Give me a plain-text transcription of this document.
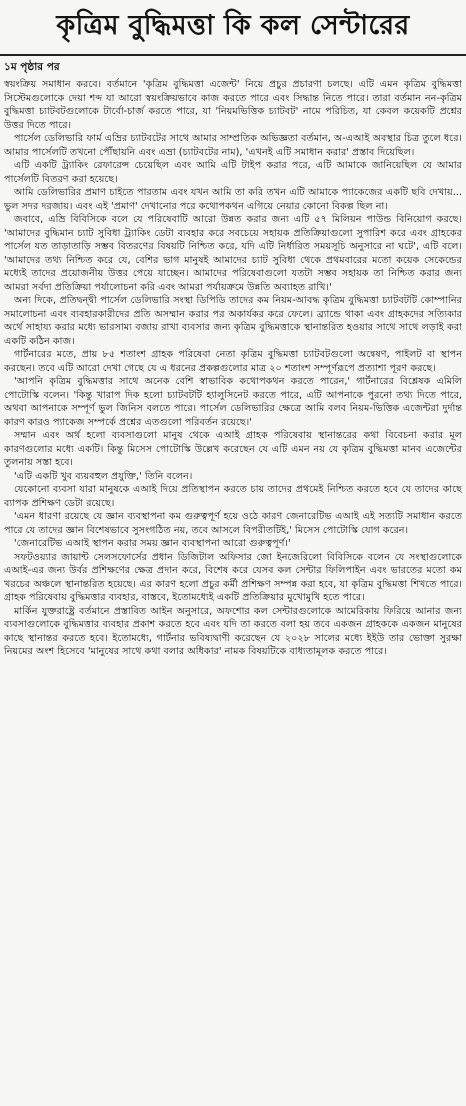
কৃত্রিম বুদ্ধিমত্তা কি কল সেন্টারের
১ম পৃষ্ঠার পর

স্বয়ংক্রিয় সমাধান করবে। বর্তমানে 'কৃত্রিম বুদ্ধিমত্তা এজেন্ট' নিয়ে প্রচুর প্রচারণা চলছে। এটি এমন কৃত্রিম বুদ্ধিমত্তা সিস্টেমগুলোকে দেয়া শব্দ যা আরো স্বয়ংক্রিয়ভাবে কাজ করতে পারে এবং সিদ্ধান্ত নিতে পারে। তারা বর্তমান নন-কৃত্রিম বুদ্ধিমত্তা চ্যাটবটগুলোকে টার্বো-চার্জ করতে পারে, যা 'নিয়মভিত্তিক চ্যাটবট' নামে পরিচিত, যা কেবল কয়েকটি প্রশ্নের উত্তর দিতে পারে।

পার্সেল ডেলিভারি ফার্ম এভ্রির চ্যাটবটের সাথে আমার সাম্প্রতিক অভিজ্ঞতা বর্তমান, অ-এআই অবস্থার চিত্র তুলে ধরে। আমার পার্সেলটি তখনো পৌঁছায়নি এবং এভ্রা (চ্যাটবটের নাম), 'এখনই এটি সমাধান করার' প্রস্তাব দিয়েছিল।

এটি একটি ট্র্যাকিং রেফারেন্স চেয়েছিল এবং আমি এটি টাইপ করার পরে, এটি আমাকে জানিয়েছিল যে আমার পার্সেলটি বিতরণ করা হয়েছে।

আমি ডেলিভারির প্রমাণ চাইতে পারতাম এবং যখন আমি তা করি তখন এটি আমাকে প্যাকেজের একটি ছবি দেখায়... ভুল সদর দরজায়। এবং এই 'প্রমাণ' দেখানোর পরে কথোপকথন এগিয়ে নেয়ার কোনো বিকল্প ছিল না।

জবাবে, এভ্রি বিবিসিকে বলে যে পরিষেবাটি আরো উন্নত করার জন্য এটি ৫৭ মিলিয়ন পাউন্ড বিনিয়োগ করছে। 'আমাদের বুদ্ধিমান চ্যাট সুবিধা ট্র্যাকিং ডেটা ব্যবহার করে সবচেয়ে সহায়ক প্রতিক্রিয়াগুলো সুপারিশ করে এবং গ্রাহকের পার্সেল যত তাড়াতাড়ি সম্ভব বিতরণের বিষয়টি নিশ্চিত করে, যদি এটি নির্ধারিত সময়সূচি অনুসারে না ঘটে', এটি বলে। 'আমাদের তথ্য নিশ্চিত করে যে, বেশির ভাগ মানুষই আমাদের চ্যাট সুবিধা থেকে প্রথমবারের মতো কয়েক সেকেন্ডের মধ্যেই তাদের প্রয়োজনীয় উত্তর পেয়ে যাচ্ছেন। আমাদের পরিষেবাগুলো যতটা সম্ভব সহায়ক তা নিশ্চিত করার জন্য আমরা সর্বদা প্রতিক্রিয়া পর্যালোচনা করি এবং আমরা পর্যায়ক্রমে উন্নতি অব্যাহত রাখি।'

অন্য দিকে, প্রতিদ্বন্দ্বী পার্সেল ডেলিভারি সংস্থা ডিপিডি তাদের কম নিয়ম-আবদ্ধ কৃত্রিম বুদ্ধিমত্তা চ্যাটবটটি কোম্পানির সমালোচনা এবং ব্যবহারকারীদের প্রতি অসম্মান করার পর অকার্যকর করে ফেলে। ব্র্যান্ডে থাকা এবং গ্রাহকদের সত্যিকার অর্থে সাহায্য করার মধ্যে ভারসাম্য বজায় রাখা ব্যবসার জন্য কৃত্রিম বুদ্ধিমত্তাকে স্থানান্তরিত হওয়ার সাথে সাথে লড়াই করা একটি কঠিন কাজ।

গার্টনারের মতে, প্রায় ৮৫ শতাংশ গ্রাহক পরিষেবা নেতা কৃত্রিম বুদ্ধিমত্তা চ্যাটবটগুলো অন্বেষণ, পাইলট বা স্থাপন করছেন। তবে এটি আরো দেখা গেছে যে এ ধরনের প্রকল্পগুলোর মাত্র ২০ শতাংশ সম্পূর্ণরূপে প্রত্যাশা পূরণ করছে।

'আপনি কৃত্রিম বুদ্ধিমত্তার সাথে অনেক বেশি স্বাভাবিক কথোপকথন করতে পারেন,' গার্টনারের বিশ্লেষক এমিলি পোটোস্কি বলেন। 'কিন্তু খারাপ দিক হলো চ্যাটবটটি হ্যালুসিনেট করতে পারে, এটি আপনাকে পুরনো তথ্য দিতে পারে, অথবা আপনাকে সম্পূর্ণ ভুল জিনিস বলতে পারে। পার্সেল ডেলিভারির ক্ষেত্রে আমি বলব নিয়ম-ভিত্তিক এজেন্টরা দুর্দান্ত কারণ কারও প্যাকেজ সম্পর্কে প্রশ্নের এতগুলো পরিবর্তন রয়েছে।'

সম্মান এবং অর্থ হলো ব্যবসাগুলো মানুষ থেকে এআই গ্রাহক পরিষেবায় স্থানান্তরের কথা বিবেচনা করার মূল কারণগুলোর মধ্যে একটি। কিন্তু মিসেস পোটোস্কি উল্লেখ করেছেন যে এটি এমন নয় যে কৃত্রিম বুদ্ধিমত্তা মানব এজেন্টের তুলনায় সস্তা হবে।

'এটি একটি খুব ব্যয়বহুল প্রযুক্তি,' তিনি বলেন।

যেকোনো ব্যবসা যারা মানুষকে এআই দিয়ে প্রতিস্থাপন করতে চায় তাদের প্রথমেই নিশ্চিত করতে হবে যে তাদের কাছে ব্যাপক প্রশিক্ষণ ডেটা রয়েছে।

'এমন ধারণা রয়েছে যে জ্ঞান ব্যবস্থাপনা কম গুরুত্বপূর্ণ হয়ে ওঠে কারণ জেনারেটিভ এআই এই সত্যটি সমাধান করতে পারে যে তাদের জ্ঞান বিশেষভাবে সুসংগঠিত নয়, তবে আসলে বিপরীতটিই,' মিসেস পোটোস্কি যোগ করেন।

'জেনারেটিভ এআই স্থাপন করার সময় জ্ঞান ব্যবস্থাপনা আরো গুরুত্বপূর্ণ।'

সফটওয়্যার জায়ান্ট সেলসফোর্সের প্রধান ডিজিটাল অফিসার জো ইনজেরিলো বিবিসিকে বলেন যে সংস্থাগুলোকে এআই-এর জন্য উর্বর প্রশিক্ষণের ক্ষেত্র প্রদান করে, বিশেষ করে যেসব কল সেন্টার ফিলিপাইন এবং ভারতের মতো কম খরচের অঞ্চলে স্থানান্তরিত হয়েছে। এর কারণ হলো প্রচুর কর্মী প্রশিক্ষণ সম্পন্ন করা হবে, যা কৃত্রিম বুদ্ধিমত্তা শিখতে পারে। গ্রাহক পরিষেবায় বুদ্ধিমত্তার ব্যবহার, বাস্তবে, ইতোমধ্যেই একটি প্রতিক্রিয়ার মুখোমুখি হতে পারে।

মার্কিন যুক্তরাষ্ট্রে বর্তমানে প্রস্তাবিত আইন অনুসারে, অফশোর কল সেন্টারগুলোকে আমেরিকায় ফিরিয়ে আনার জন্য ব্যবসাগুলোকে বুদ্ধিমত্তার ব্যবহার প্রকাশ করতে হবে এবং যদি তা করতে বলা হয় তবে একজন গ্রাহককে একজন মানুষের কাছে স্থানান্তর করতে হবে। ইতোমধ্যে, গার্টনার ভবিষ্যদ্বাণী করেছেন যে ২০২৮ সালের মধ্যে ইইউ তার ভোক্তা সুরক্ষা নিয়মের অংশ হিসেবে 'মানুষের সাথে কথা বলার অধিকার' নামক বিষয়টিকে বাধ্যতামূলক করতে পারে।
